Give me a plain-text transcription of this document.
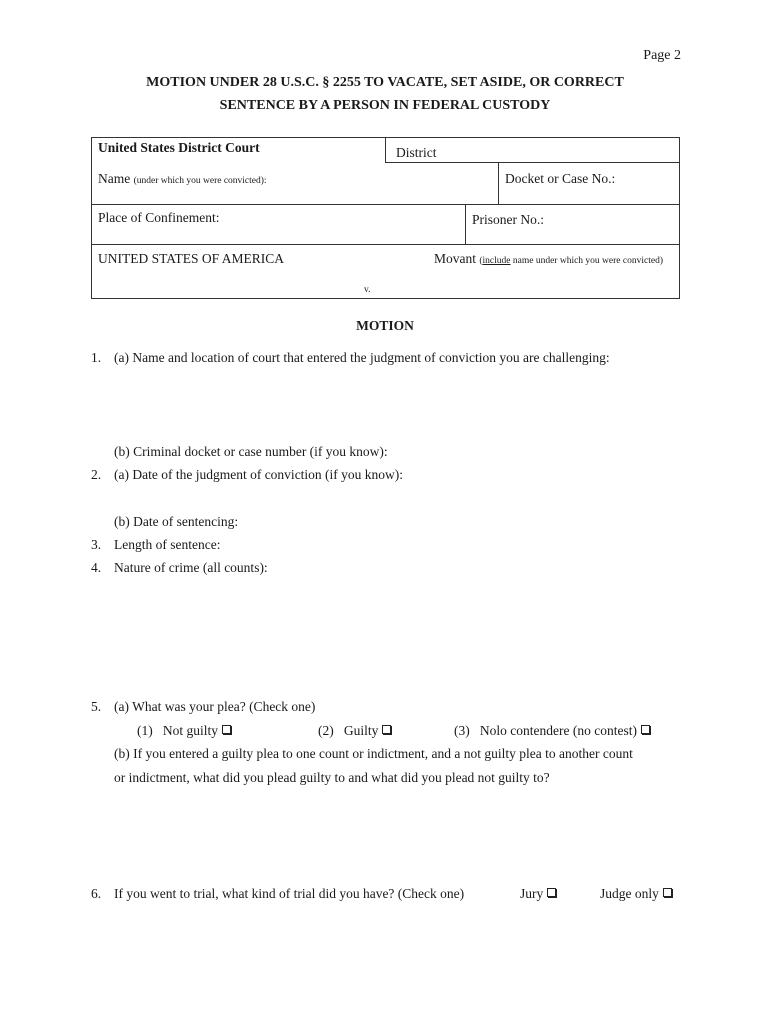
Page 2
MOTION UNDER 28 U.S.C. § 2255 TO VACATE, SET ASIDE, OR CORRECT
SENTENCE BY A PERSON IN FEDERAL CUSTODY
United States District Court	District
Name (under which you were convicted):	Docket or Case No.:
Place of Confinement:	Prisoner No.:
UNITED STATES OF AMERICA	Movant (include name under which you were convicted)
v.
MOTION
1. (a) Name and location of court that entered the judgment of conviction you are challenging:
(b) Criminal docket or case number (if you know):
2. (a) Date of the judgment of conviction (if you know):
(b) Date of sentencing:
3. Length of sentence:
4. Nature of crime (all counts):
5. (a) What was your plea? (Check one)
(1) Not guilty	(2) Guilty	(3) Nolo contendere (no contest)
(b) If you entered a guilty plea to one count or indictment, and a not guilty plea to another count
or indictment, what did you plead guilty to and what did you plead not guilty to?
6. If you went to trial, what kind of trial did you have? (Check one)	Jury	Judge only
